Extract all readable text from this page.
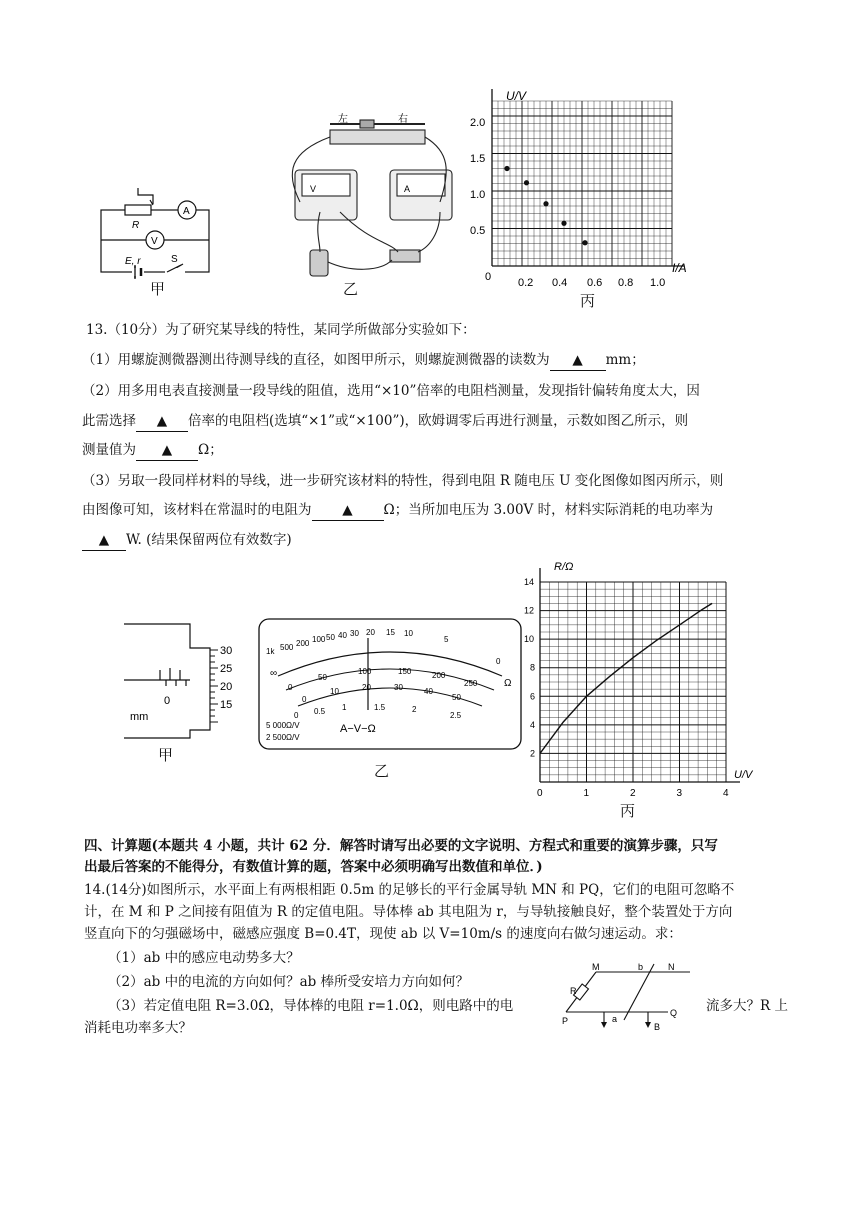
R
A
V
E, r	S
甲
左	右
V	A
乙
U/V
I/A
2.0
1.5
1.0
0.5
0 0.2 0.4 0.6 0.8 1.0
丙
13.（10分）为了研究某导线的特性，某同学所做部分实验如下：
（1）用螺旋测微器测出待测导线的直径，如图甲所示，则螺旋测微器的读数为 ▲ mm；
（2）用多用电表直接测量一段导线的阻值，选用“×10”倍率的电阻档测量，发现指针偏转角度太大，因
此需选择 ▲ 倍率的电阻档(选填“×1”或“×100”)，欧姆调零后再进行测量，示数如图乙所示，则
测量值为 ▲ Ω；
（3）另取一段同样材料的导线，进一步研究该材料的特性，得到电阻 R 随电压 U 变化图像如图丙所示，则
由图像可知，该材料在常温时的电阻为 ▲ Ω；当所加电压为 3.00V 时，材料实际消耗的电功率为
▲ W. (结果保留两位有效数字)
30
25
20
15
0
mm
甲
1k 500 200 100 50 40 30 20 15 10
5
0
∞
Ω
0
50
100	150	200
250
0
10	20	30	40
50
0 0.5 1	1.5	2
2.5
5 000Ω/V
2 500Ω/V
A−V−Ω
乙
0	1	2	3	4
2
4
6
8
10
12
14
R/Ω
U/V
丙
四、计算题(本题共 4 小题，共计 62 分．解答时请写出必要的文字说明、方程式和重要的演算步骤，只写
出最后答案的不能得分，有数值计算的题，答案中必须明确写出数值和单位．)
14.(14分)如图所示，水平面上有两根相距 0.5m 的足够长的平行金属导轨 MN 和 PQ，它们的电阻可忽略不
计，在 M 和 P 之间接有阻值为 R 的定值电阻。导体棒 ab 其电阻为 r，与导轨接触良好，整个装置处于方向
竖直向下的匀强磁场中，磁感应强度 B=0.4T，现使 ab 以 V=10m/s 的速度向右做匀速运动。求：
（1）ab 中的感应电动势多大？
（2）ab 中的电流的方向如何？ab 棒所受安培力方向如何？
（3）若定值电阻 R=3.0Ω，导体棒的电阻 r=1.0Ω，则电路中的电	流多大？R 上
消耗电功率多大？
M	N
P
Q
b
a
R
B
